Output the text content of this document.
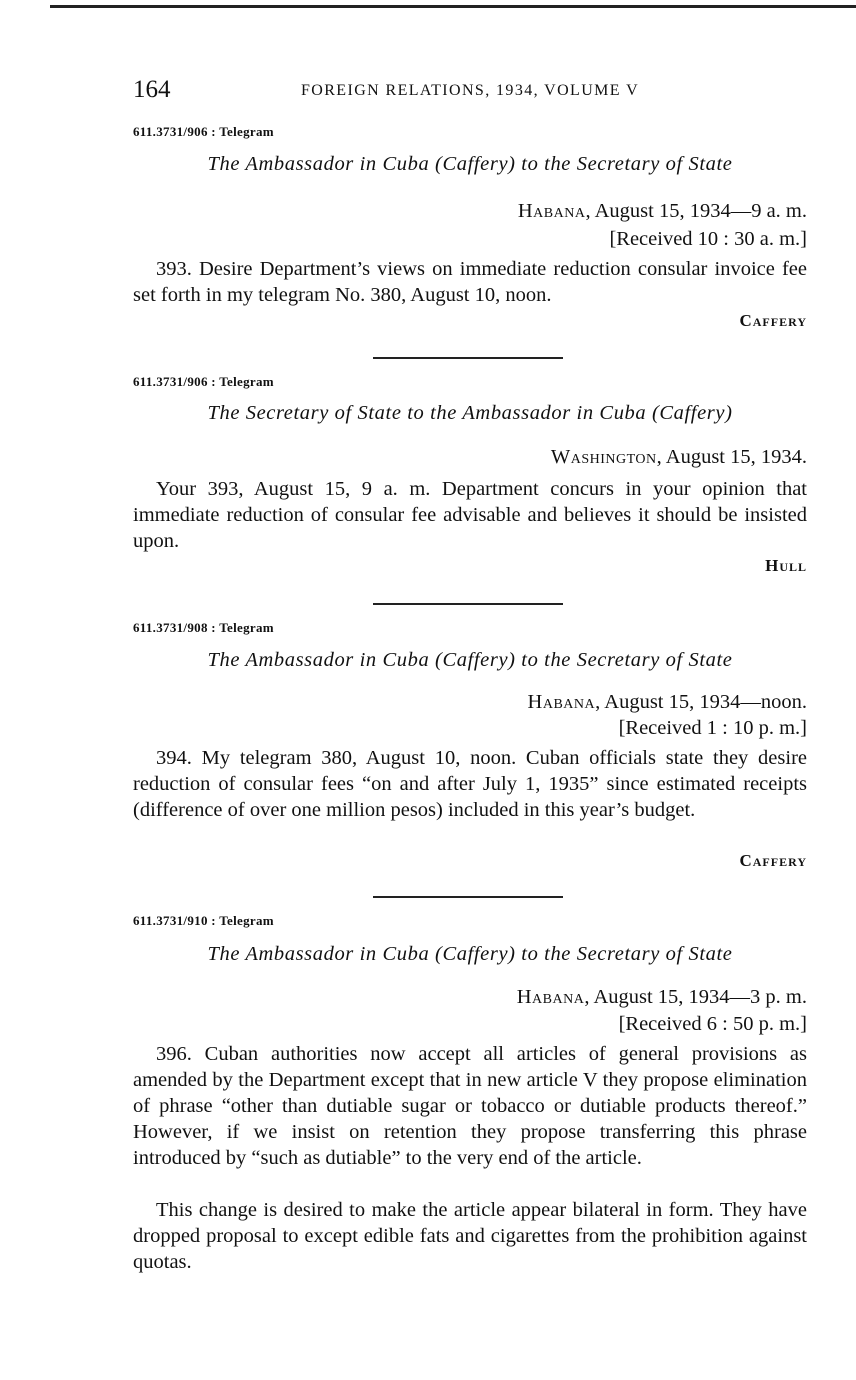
164	FOREIGN RELATIONS, 1934, VOLUME V
611.3731/906 : Telegram
The Ambassador in Cuba (Caffery) to the Secretary of State
Habana, August 15, 1934—9 a. m.
[Received 10 : 30 a. m.]
393. Desire Department’s views on immediate reduction consular invoice fee set forth in my telegram No. 380, August 10, noon.
Caffery
611.3731/906 : Telegram
The Secretary of State to the Ambassador in Cuba (Caffery)
Washington, August 15, 1934.
Your 393, August 15, 9 a. m. Department concurs in your opinion that immediate reduction of consular fee advisable and believes it should be insisted upon.
Hull
611.3731/908 : Telegram
The Ambassador in Cuba (Caffery) to the Secretary of State
Habana, August 15, 1934—noon.
[Received 1 : 10 p. m.]
394. My telegram 380, August 10, noon. Cuban officials state they desire reduction of consular fees “on and after July 1, 1935” since estimated receipts (difference of over one million pesos) included in this year’s budget.
Caffery
611.3731/910 : Telegram
The Ambassador in Cuba (Caffery) to the Secretary of State
Habana, August 15, 1934—3 p. m.
[Received 6 : 50 p. m.]
396. Cuban authorities now accept all articles of general provisions as amended by the Department except that in new article V they propose elimination of phrase “other than dutiable sugar or tobacco or dutiable products thereof.” However, if we insist on retention they propose transferring this phrase introduced by “such as dutiable” to the very end of the article.
This change is desired to make the article appear bilateral in form. They have dropped proposal to except edible fats and cigarettes from the prohibition against quotas.
